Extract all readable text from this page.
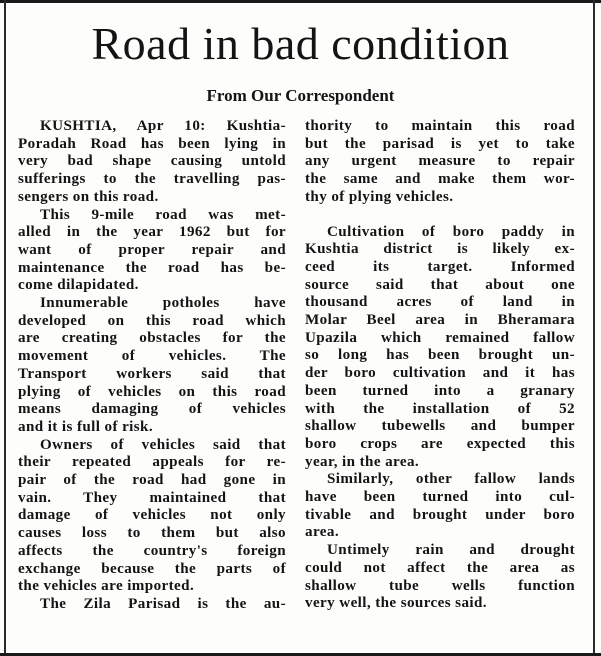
Road in bad condition
From Our Correspondent
KUSHTIA, Apr 10: Kushtia-
Poradah Road has been lying in
very bad shape causing untold
sufferings to the travelling pas-
sengers on this road.
This 9-mile road was met-
alled in the year 1962 but for
want of proper repair and
maintenance the road has be-
come dilapidated.
Innumerable potholes have
developed on this road which
are creating obstacles for the
movement of vehicles. The
Transport workers said that
plying of vehicles on this road
means damaging of vehicles
and it is full of risk.
Owners of vehicles said that
their repeated appeals for re-
pair of the road had gone in
vain. They maintained that
damage of vehicles not only
causes loss to them but also
affects the country's foreign
exchange because the parts of
the vehicles are imported.
The Zila Parisad is the au-
thority to maintain this road
but the parisad is yet to take
any urgent measure to repair
the same and make them wor-
thy of plying vehicles.
Cultivation of boro paddy in
Kushtia district is likely ex-
ceed its target. Informed
source said that about one
thousand acres of land in
Molar Beel area in Bheramara
Upazila which remained fallow
so long has been brought un-
der boro cultivation and it has
been turned into a granary
with the installation of 52
shallow tubewells and bumper
boro crops are expected this
year, in the area.
Similarly, other fallow lands
have been turned into cul-
tivable and brought under boro
area.
Untimely rain and drought
could not affect the area as
shallow tube wells function
very well, the sources said.
